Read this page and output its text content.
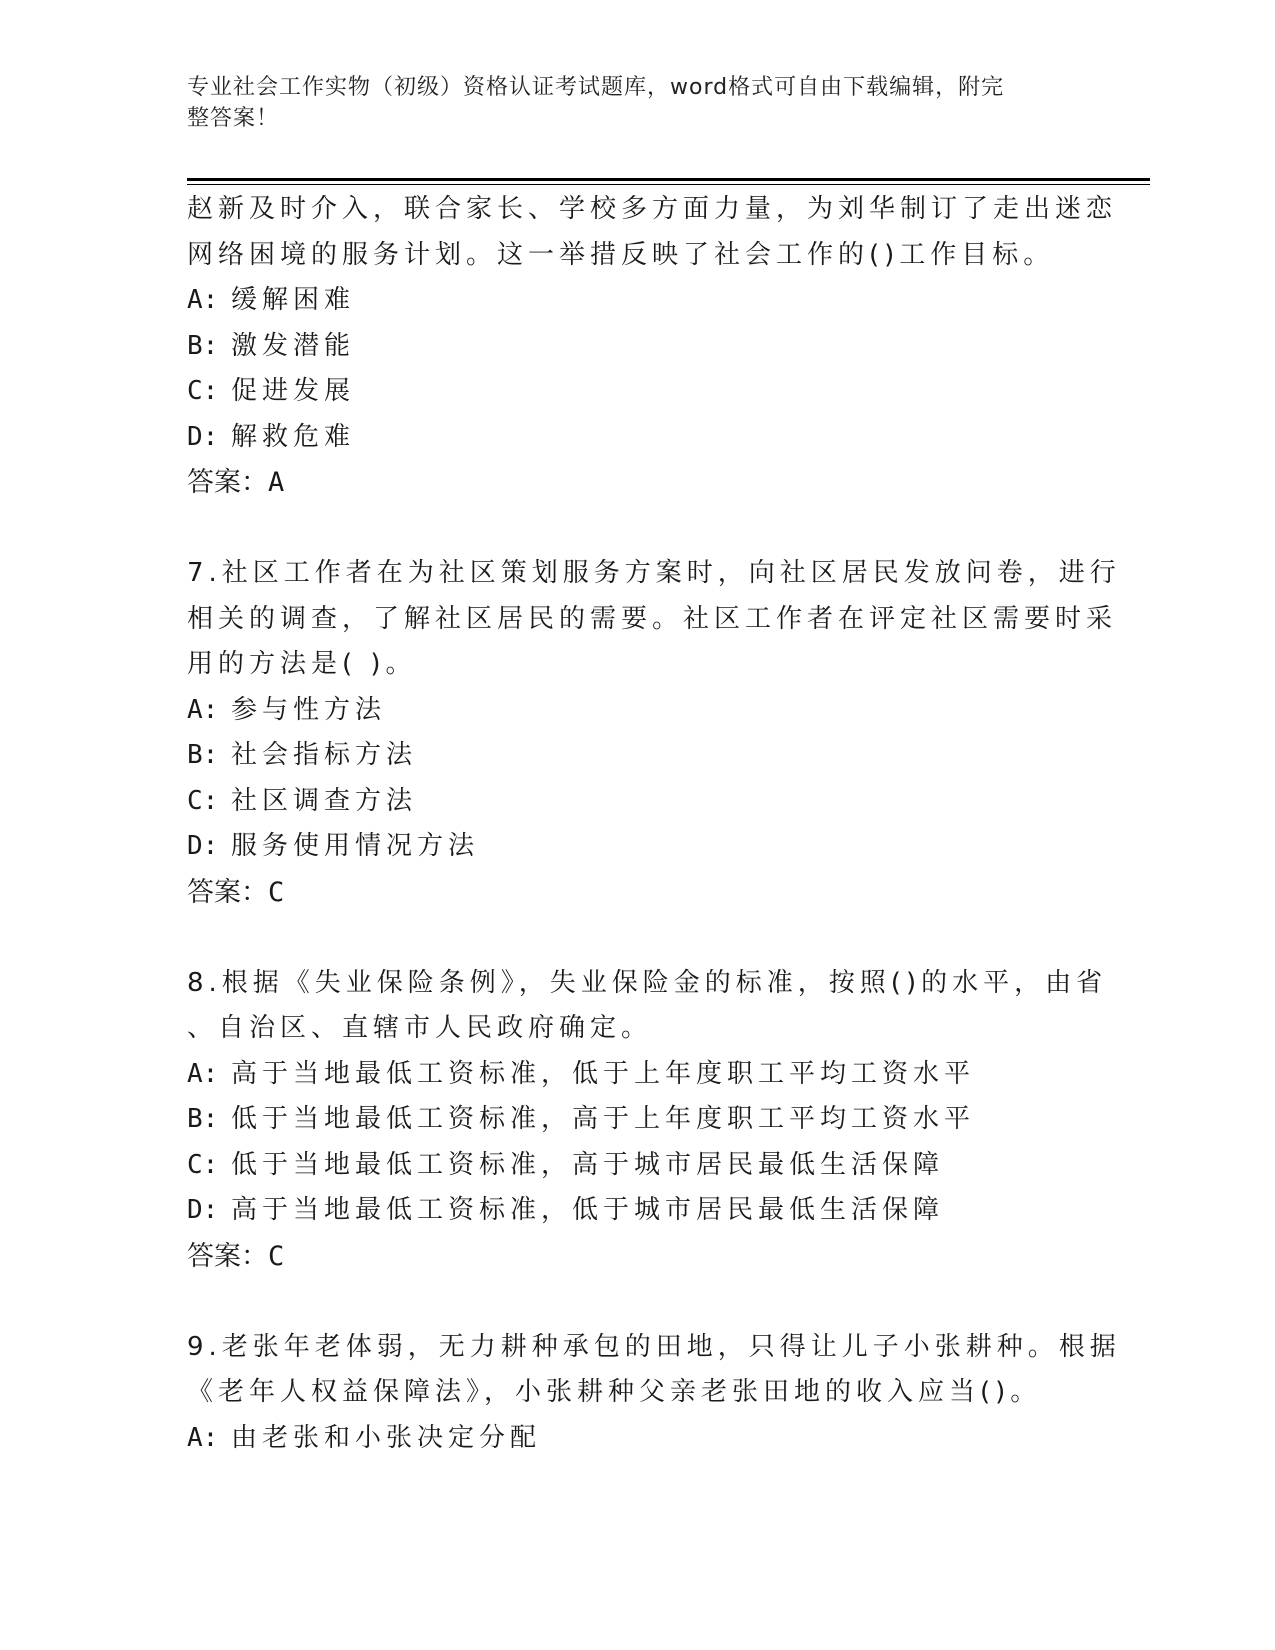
专业社会工作实物（初级）资格认证考试题库，word格式可自由下载编辑，附完
整答案！
赵新及时介入，联合家长、学校多方面力量，为刘华制订了走出迷恋
网络困境的服务计划。这一举措反映了社会工作的()工作目标。
A: 缓解困难
B: 激发潜能
C: 促进发展
D: 解救危难
答案：A
7.社区工作者在为社区策划服务方案时，向社区居民发放问卷，进行
相关的调查，了解社区居民的需要。社区工作者在评定社区需要时采
用的方法是( )。
A: 参与性方法
B: 社会指标方法
C: 社区调查方法
D: 服务使用情况方法
答案：C
8.根据《失业保险条例》，失业保险金的标准，按照()的水平，由省
、自治区、直辖市人民政府确定。
A: 高于当地最低工资标准，低于上年度职工平均工资水平
B: 低于当地最低工资标准，高于上年度职工平均工资水平
C: 低于当地最低工资标准，高于城市居民最低生活保障
D: 高于当地最低工资标准，低于城市居民最低生活保障
答案：C
9.老张年老体弱，无力耕种承包的田地，只得让儿子小张耕种。根据
《老年人权益保障法》，小张耕种父亲老张田地的收入应当()。
A: 由老张和小张决定分配
